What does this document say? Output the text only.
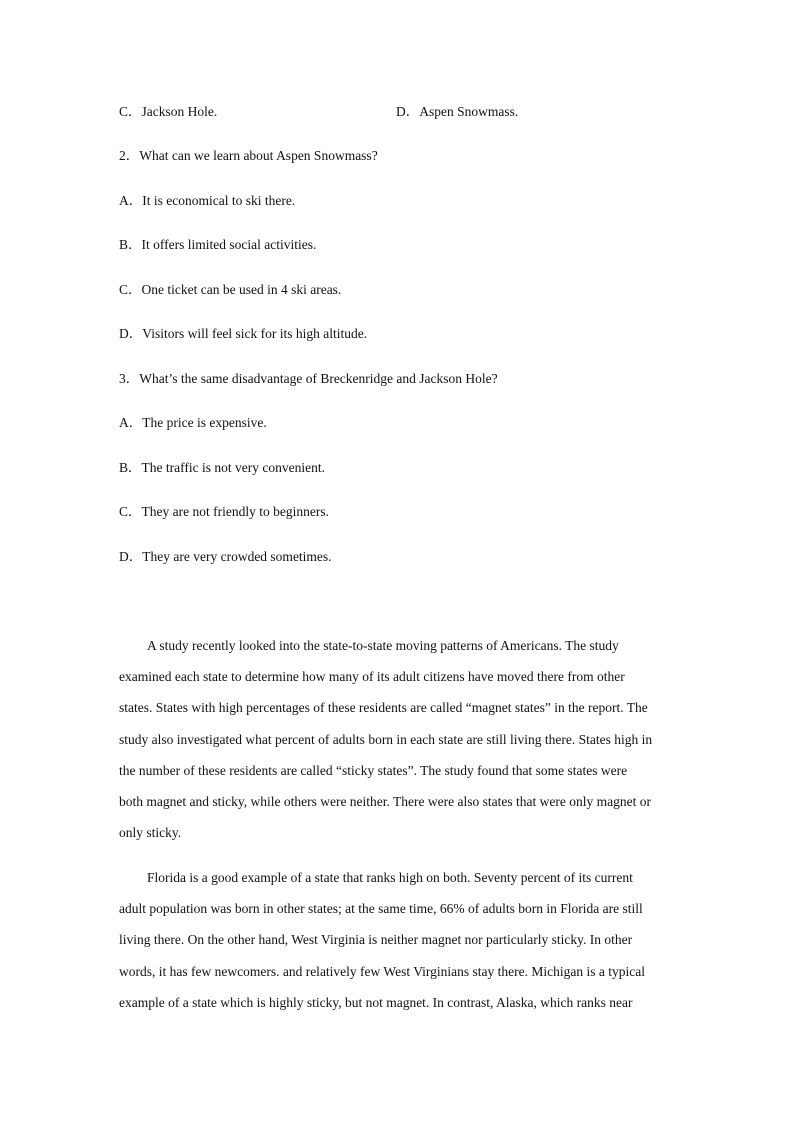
C．Jackson Hole.	D．Aspen Snowmass.
2．What can we learn about Aspen Snowmass?
A．It is economical to ski there.
B．It offers limited social activities.
C．One ticket can be used in 4 ski areas.
D．Visitors will feel sick for its high altitude.
3．What’s the same disadvantage of Breckenridge and Jackson Hole?
A．The price is expensive.
B．The traffic is not very convenient.
C．They are not friendly to beginners.
D．They are very crowded sometimes.
A study recently looked into the state-to-state moving patterns of Americans. The study
examined each state to determine how many of its adult citizens have moved there from other
states. States with high percentages of these residents are called “magnet states” in the report. The
study also investigated what percent of adults born in each state are still living there. States high in
the number of these residents are called “sticky states”. The study found that some states were
both magnet and sticky, while others were neither. There were also states that were only magnet or
only sticky.
Florida is a good example of a state that ranks high on both. Seventy percent of its current
adult population was born in other states; at the same time, 66% of adults born in Florida are still
living there. On the other hand, West Virginia is neither magnet nor particularly sticky. In other
words, it has few newcomers. and relatively few West Virginians stay there. Michigan is a typical
example of a state which is highly sticky, but not magnet. In contrast, Alaska, which ranks near
